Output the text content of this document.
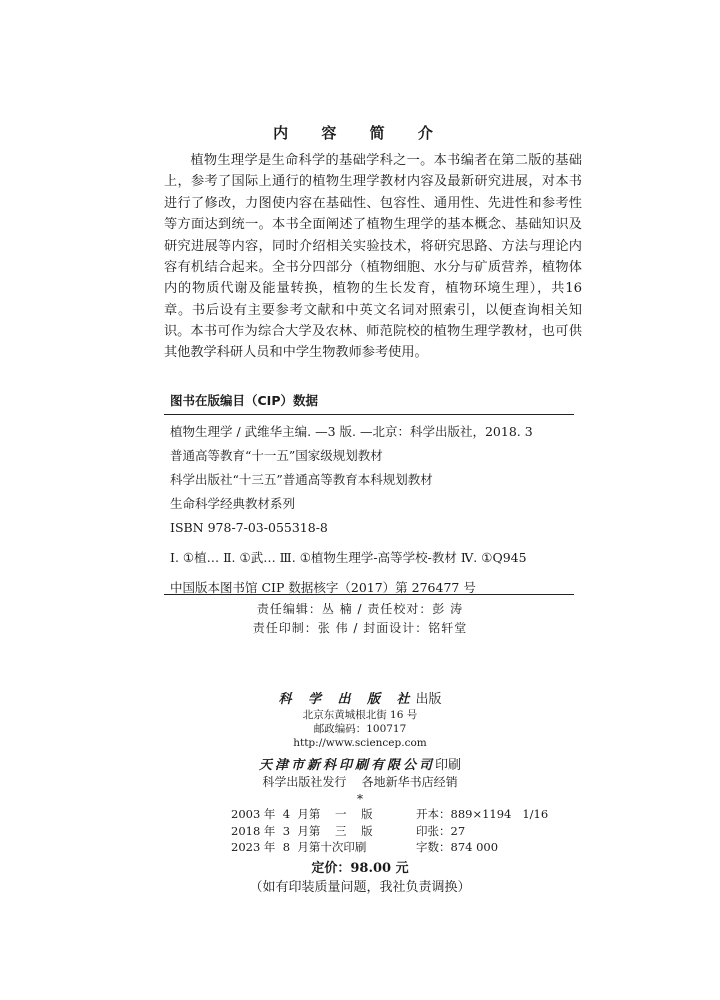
内 容 简 介

植物生理学是生命科学的基础学科之一。本书编者在第二版的基础上，参考了国际上通行的植物生理学教材内容及最新研究进展，对本书进行了修改，力图使内容在基础性、包容性、通用性、先进性和参考性等方面达到统一。本书全面阐述了植物生理学的基本概念、基础知识及研究进展等内容，同时介绍相关实验技术，将研究思路、方法与理论内容有机结合起来。全书分四部分（植物细胞、水分与矿质营养，植物体内的物质代谢及能量转换，植物的生长发育，植物环境生理），共16章。书后设有主要参考文献和中英文名词对照索引，以便查询相关知识。 本书可作为综合大学及农林、师范院校的植物生理学教材，也可供其他教学科研人员和中学生物教师参考使用。

图书在版编目（CIP）数据
植物生理学 / 武维华主编. —3 版. —北京：科学出版社，2018. 3
普通高等教育“十一五”国家级规划教材
科学出版社“十三五”普通高等教育本科规划教材
生命科学经典教材系列
ISBN 978-7-03-055318-8
Ⅰ. ①植… Ⅱ. ①武… Ⅲ. ①植物生理学-高等学校-教材 Ⅳ. ①Q945
中国版本图书馆 CIP 数据核字（2017）第 276477 号
责任编辑：丛 楠 / 责任校对：彭 涛
责任印制：张 伟 / 封面设计：铭轩堂
科 学 出 版 社出版
北京东黄城根北街 16 号
邮政编码：100717
http://www.sciencep.com
天津市新科印刷有限公司印刷
科学出版社发行    各地新华书店经销
*
2003 年  4  月第    一    版	开本：889×1194   1/16
2018 年  3  月第    三    版	印张：27
2023 年  8  月第十次印刷	字数：874 000
定价：98.00 元
（如有印装质量问题，我社负责调换）
